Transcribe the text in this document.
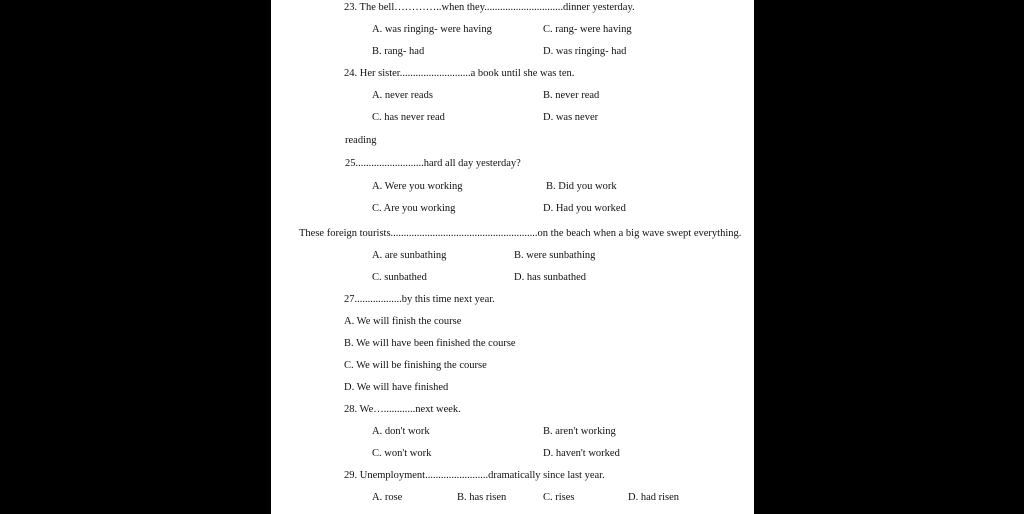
23. The bell…………..when they..............................dinner yesterday.
A. was ringing- were having	C. rang- were having
B. rang- had	D. was ringing- had
24. Her sister...........................a book until she was ten.
A. never reads	B. never read
C. has never read	D. was never
reading
25..........................hard all day yesterday?
A. Were you working	B. Did you work
C. Are you working	D. Had you worked
These foreign tourists........................................................on the beach when a big wave swept everything.
A. are sunbathing	B. were sunbathing
C. sunbathed	D. has sunbathed
27..................by this time next year.
A. We will finish the course
B. We will have been finished the course
C. We will be finishing the course
D. We will have finished
28. We…............next week.
A. don't work	B. aren't working
C. won't work	D. haven't worked
29. Unemployment........................dramatically since last year.
A. rose	B. has risen	C. rises	D. had risen
